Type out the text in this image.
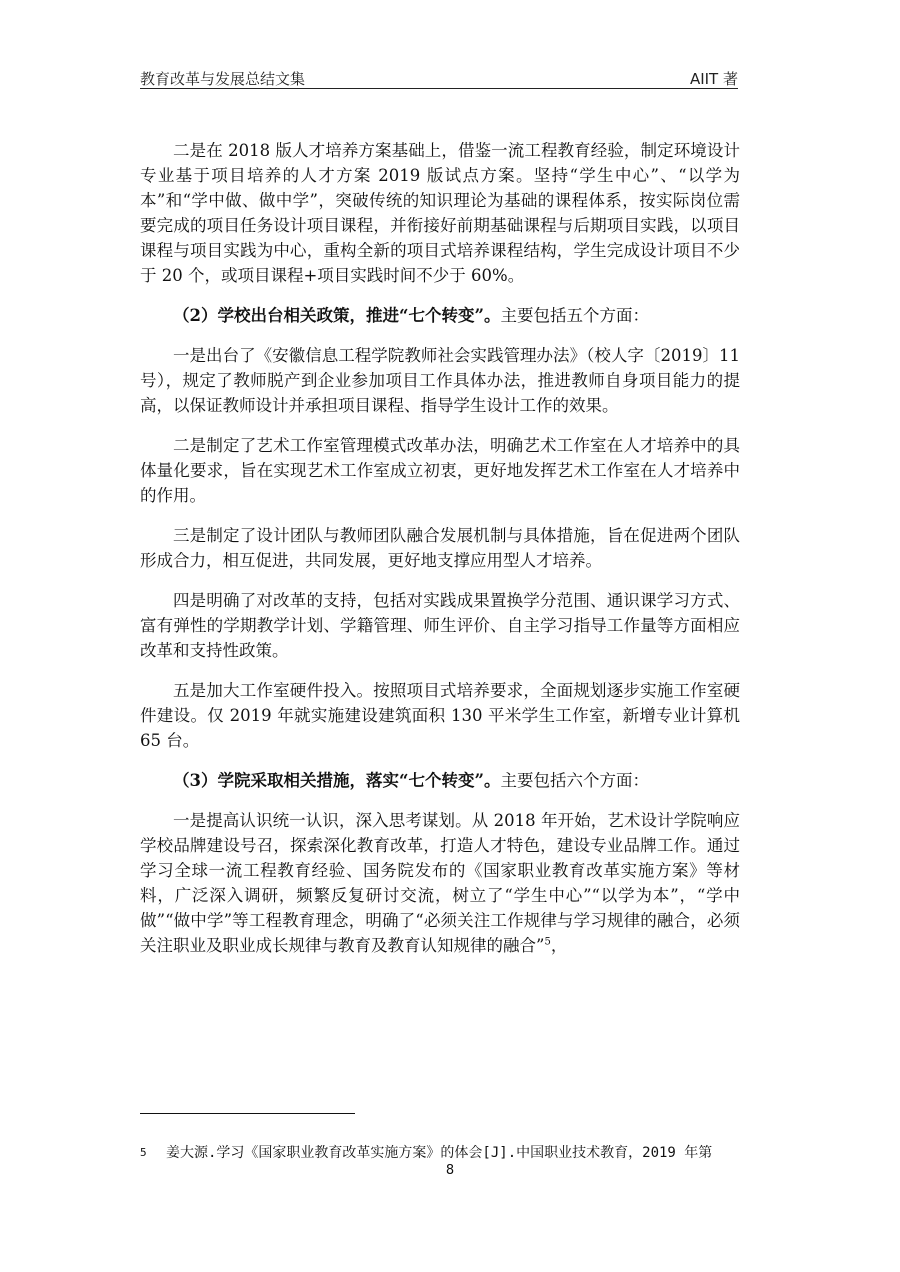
教育改革与发展总结文集	AIIT 著

二是在 2018 版人才培养方案基础上，借鉴一流工程教育经验，制定环境设计专业基于项目培养的人才方案 2019 版试点方案。坚持“学生中心”、“以学为本”和“学中做、做中学”，突破传统的知识理论为基础的课程体系，按实际岗位需要完成的项目任务设计项目课程，并衔接好前期基础课程与后期项目实践，以项目课程与项目实践为中心，重构全新的项目式培养课程结构，学生完成设计项目不少于 20 个，或项目课程+项目实践时间不少于 60%。

（2）学校出台相关政策，推进“七个转变”。主要包括五个方面：

一是出台了《安徽信息工程学院教师社会实践管理办法》（校人字〔2019〕11 号），规定了教师脱产到企业参加项目工作具体办法，推进教师自身项目能力的提高，以保证教师设计并承担项目课程、指导学生设计工作的效果。

二是制定了艺术工作室管理模式改革办法，明确艺术工作室在人才培养中的具体量化要求，旨在实现艺术工作室成立初衷，更好地发挥艺术工作室在人才培养中的作用。

三是制定了设计团队与教师团队融合发展机制与具体措施，旨在促进两个团队形成合力，相互促进，共同发展，更好地支撑应用型人才培养。

四是明确了对改革的支持，包括对实践成果置换学分范围、通识课学习方式、富有弹性的学期教学计划、学籍管理、师生评价、自主学习指导工作量等方面相应改革和支持性政策。

五是加大工作室硬件投入。按照项目式培养要求，全面规划逐步实施工作室硬件建设。仅 2019 年就实施建设建筑面积 130 平米学生工作室，新增专业计算机 65 台。

（3）学院采取相关措施，落实“七个转变”。主要包括六个方面：

一是提高认识统一认识，深入思考谋划。从 2018 年开始，艺术设计学院响应学校品牌建设号召，探索深化教育改革，打造人才特色，建设专业品牌工作。通过学习全球一流工程教育经验、国务院发布的《国家职业教育改革实施方案》等材料，广泛深入调研，频繁反复研讨交流，树立了“学生中心”“以学为本”，“学中做”“做中学”等工程教育理念，明确了“必须关注工作规律与学习规律的融合，必须关注职业及职业成长规律与教育及教育认知规律的融合”$^5$，

5 姜大源.学习《国家职业教育改革实施方案》的体会[J].中国职业技术教育，2019 年第
8
